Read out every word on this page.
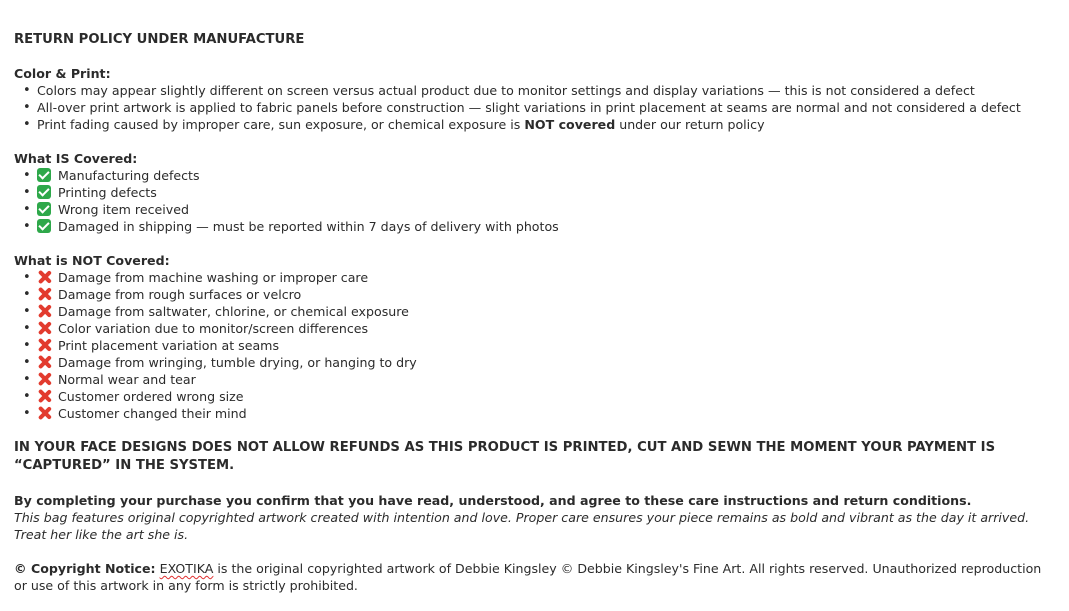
RETURN POLICY UNDER MANUFACTURE
Color & Print:
• Colors may appear slightly different on screen versus actual product due to monitor settings and display variations — this is not considered a defect
• All-over print artwork is applied to fabric panels before construction — slight variations in print placement at seams are normal and not considered a defect
• Print fading caused by improper care, sun exposure, or chemical exposure is NOT covered under our return policy
What IS Covered:
• Manufacturing defects
• Printing defects
• Wrong item received
• Damaged in shipping — must be reported within 7 days of delivery with photos
What is NOT Covered:
• Damage from machine washing or improper care
• Damage from rough surfaces or velcro
• Damage from saltwater, chlorine, or chemical exposure
• Color variation due to monitor/screen differences
• Print placement variation at seams
• Damage from wringing, tumble drying, or hanging to dry
• Normal wear and tear
• Customer ordered wrong size
• Customer changed their mind

IN YOUR FACE DESIGNS DOES NOT ALLOW REFUNDS AS THIS PRODUCT IS PRINTED, CUT AND SEWN THE MOMENT YOUR PAYMENT IS “CAPTURED” IN THE SYSTEM.

By completing your purchase you confirm that you have read, understood, and agree to these care instructions and return conditions.

This bag features original copyrighted artwork created with intention and love. Proper care ensures your piece remains as bold and vibrant as the day it arrived. Treat her like the art she is.

© Copyright Notice: EXOTIKA is the original copyrighted artwork of Debbie Kingsley © Debbie Kingsley's Fine Art. All rights reserved. Unauthorized reproduction or use of this artwork in any form is strictly prohibited.
